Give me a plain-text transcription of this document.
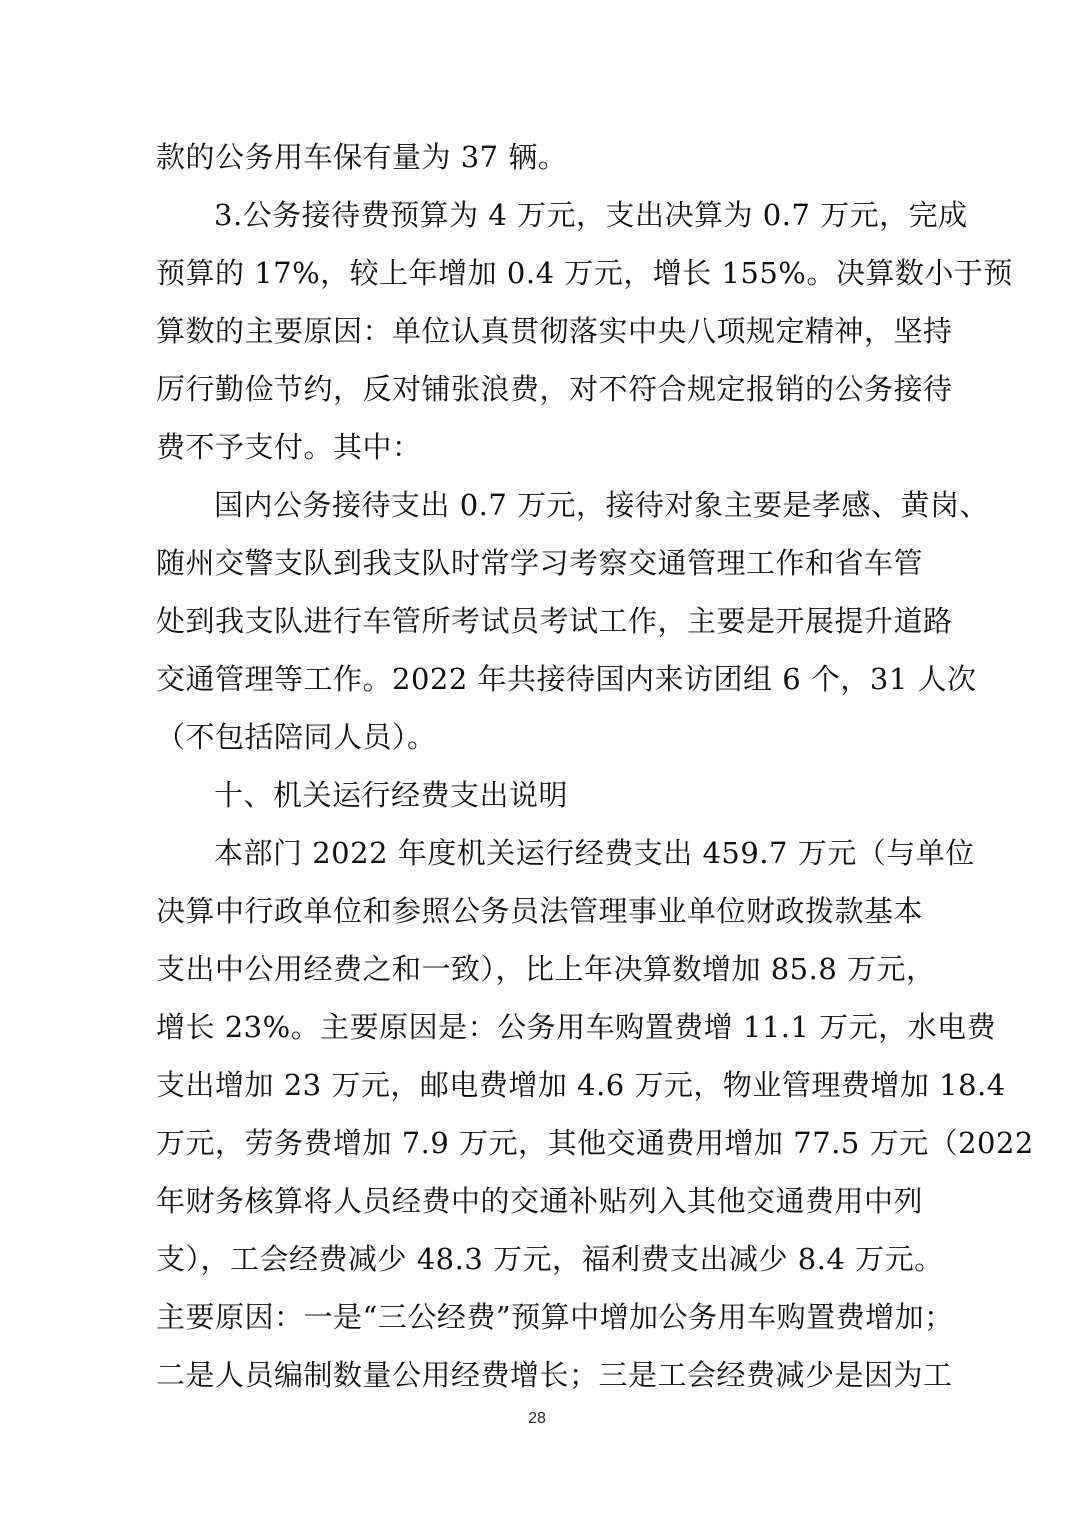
款的公务用车保有量为 37 辆。
3.公务接待费预算为 4 万元，支出决算为 0.7 万元，完成
预算的 17%，较上年增加 0.4 万元，增长 155%。决算数小于预
算数的主要原因：单位认真贯彻落实中央八项规定精神，坚持
厉行勤俭节约，反对铺张浪费，对不符合规定报销的公务接待
费不予支付。其中：
国内公务接待支出 0.7 万元，接待对象主要是孝感、黄岗、
随州交警支队到我支队时常学习考察交通管理工作和省车管
处到我支队进行车管所考试员考试工作，主要是开展提升道路
交通管理等工作。2022 年共接待国内来访团组 6 个，31 人次
（不包括陪同人员）。
十、机关运行经费支出说明
本部门 2022 年度机关运行经费支出 459.7 万元（与单位
决算中行政单位和参照公务员法管理事业单位财政拨款基本
支出中公用经费之和一致），比上年决算数增加 85.8 万元，
增长 23%。主要原因是：公务用车购置费增 11.1 万元，水电费
支出增加 23 万元，邮电费增加 4.6 万元，物业管理费增加 18.4
万元，劳务费增加 7.9 万元，其他交通费用增加 77.5 万元（2022
年财务核算将人员经费中的交通补贴列入其他交通费用中列
支），工会经费减少 48.3 万元，福利费支出减少 8.4 万元。
主要原因：一是“三公经费”预算中增加公务用车购置费增加；
二是人员编制数量公用经费增长；三是工会经费减少是因为工
28
